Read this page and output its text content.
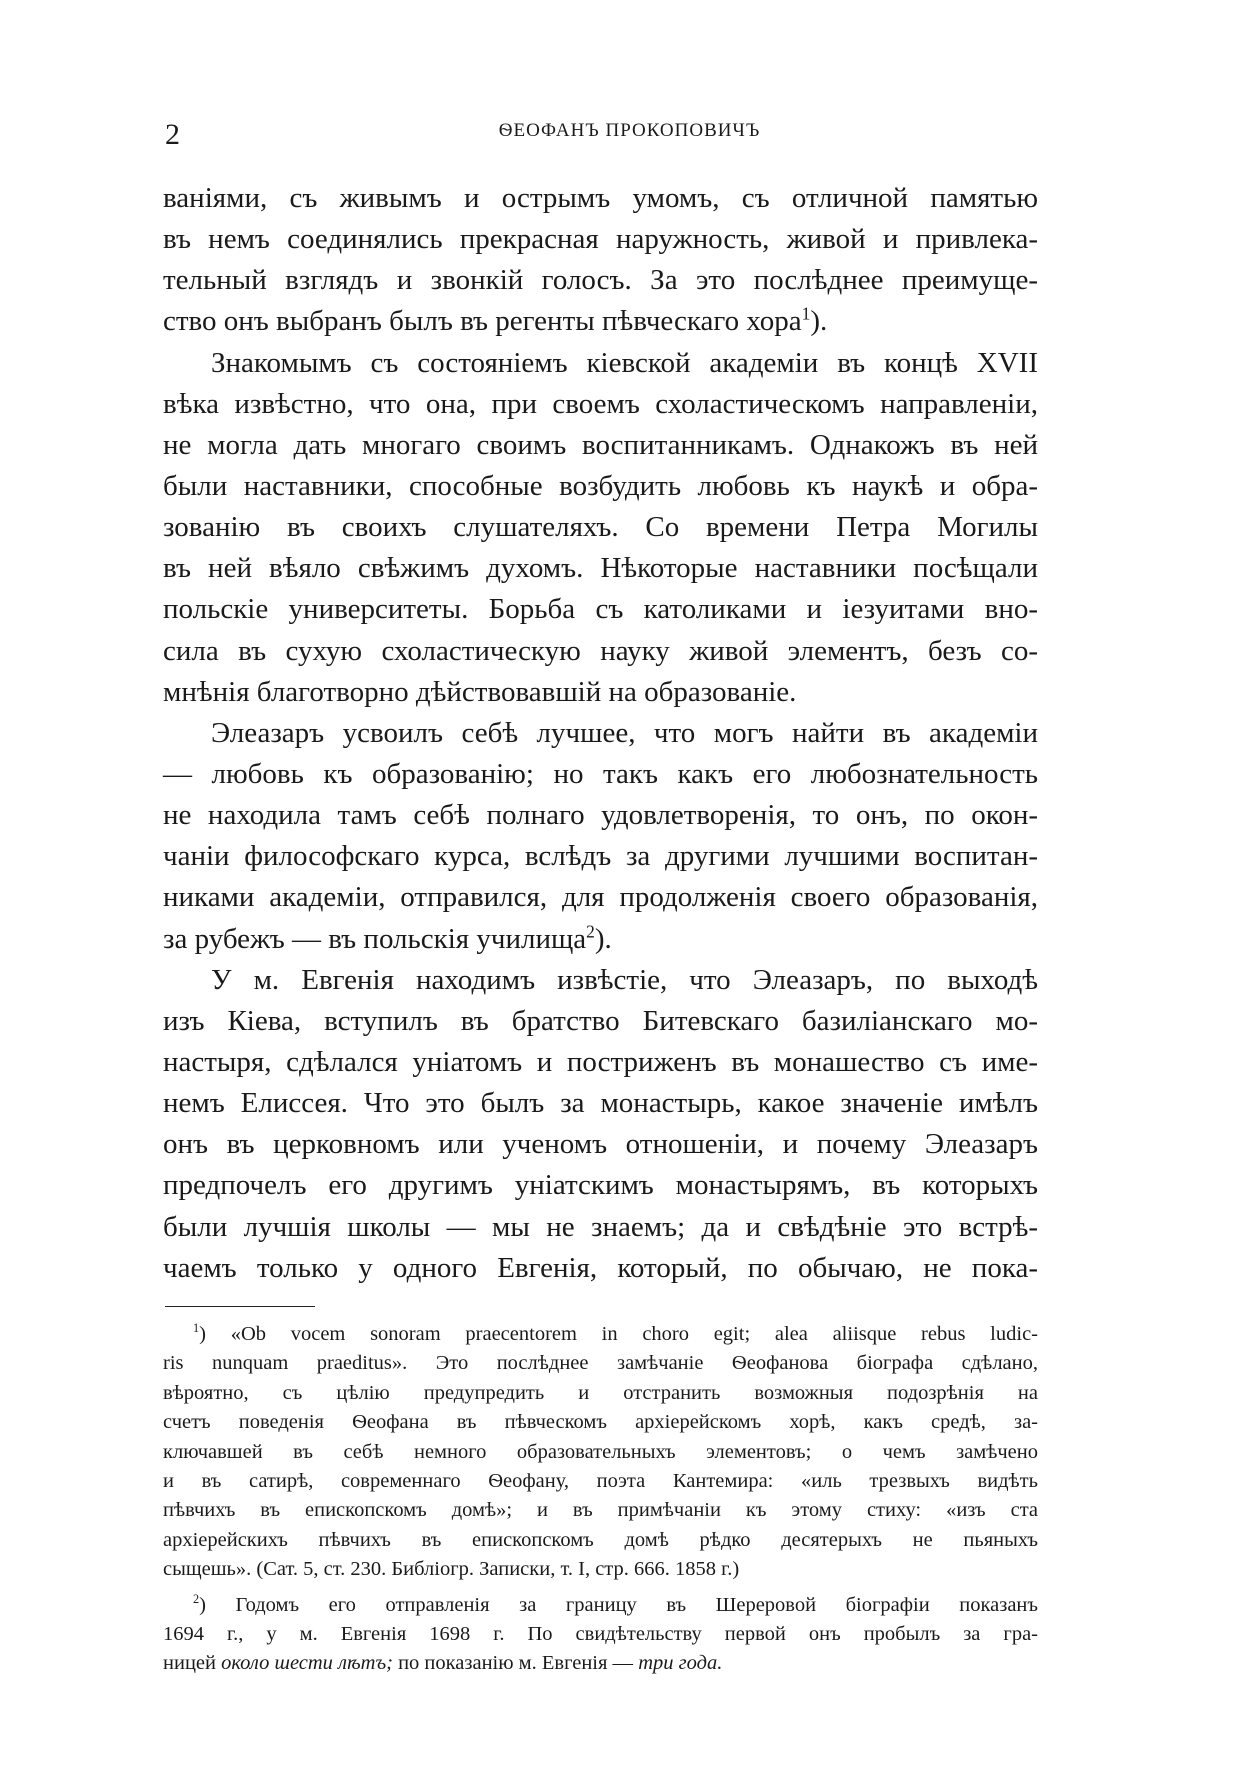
2	ѲЕОФАНЪ ПРОКОПОВИЧЪ
ваніями, съ живымъ и острымъ умомъ, съ отличной памятью
въ немъ соединялись прекрасная наружность, живой и привлека-
тельный взглядъ и звонкій голосъ. За это послѣднее преимуще-
ство онъ выбранъ былъ въ регенты пѣвческаго хора$^1$).
Знакомымъ съ состояніемъ кіевской академіи въ концѣ XVII
вѣка извѣстно, что она, при своемъ схоластическомъ направленіи,
не могла дать многаго своимъ воспитанникамъ. Однакожъ въ ней
были наставники, способные возбудить любовь къ наукѣ и обра-
зованію въ своихъ слушателяхъ. Со времени Петра Могилы
въ ней вѣяло свѣжимъ духомъ. Нѣкоторые наставники посѣщали
польскіе университеты. Борьба съ католиками и іезуитами вно-
сила въ сухую схоластическую науку живой элементъ, безъ со-
мнѣнія благотворно дѣйствовавшій на образованіе.
Элеазаръ усвоилъ себѣ лучшее, что могъ найти въ академіи
— любовь къ образованію; но такъ какъ его любознательность
не находила тамъ себѣ полнаго удовлетворенія, то онъ, по окон-
чаніи философскаго курса, вслѣдъ за другими лучшими воспитан-
никами академіи, отправился, для продолженія своего образованія,
за рубежъ — въ польскія училища$^2$).
У м. Евгенія находимъ извѣстіе, что Элеазаръ, по выходѣ
изъ Кіева, вступилъ въ братство Битевскаго базиліанскаго мо-
настыря, сдѣлался уніатомъ и постриженъ въ монашество съ име-
немъ Елиссея. Что это былъ за монастырь, какое значеніе имѣлъ
онъ въ церковномъ или ученомъ отношеніи, и почему Элеазаръ
предпочелъ его другимъ уніатскимъ монастырямъ, въ которыхъ
были лучшія школы — мы не знаемъ; да и свѣдѣніе это встрѣ-
чаемъ только у одного Евгенія, который, по обычаю, не пока-
$^1$) «Ob vocem sonoram praecentorem in choro egit; alea aliisque rebus ludic-
ris nunquam praeditus». Это послѣднее замѣчаніе Ѳеофанова біографа сдѣлано,
вѣроятно, съ цѣлію предупредить и отстранить возможныя подозрѣнія на
счетъ поведенія Ѳеофана въ пѣвческомъ архіерейскомъ хорѣ, какъ средѣ, за-
ключавшей въ себѣ немного образовательныхъ элементовъ; о чемъ замѣчено
и въ сатирѣ, современнаго Ѳеофану, поэта Кантемира: «иль трезвыхъ видѣть
пѣвчихъ въ епископскомъ домѣ»; и въ примѣчаніи къ этому стиху: «изъ ста
архіерейскихъ пѣвчихъ въ епископскомъ домѣ рѣдко десятерыхъ не пьяныхъ
сыщешь». (Сат. 5, ст. 230. Библіогр. Записки, т. I, стр. 666. 1858 г.)
$^2$) Годомъ его отправленія за границу въ Шереровой біографіи показанъ
1694 г., у м. Евгенія 1698 г. По свидѣтельству первой онъ пробылъ за гра-
ницей около шести лѣтъ; по показанію м. Евгенія — три года.
